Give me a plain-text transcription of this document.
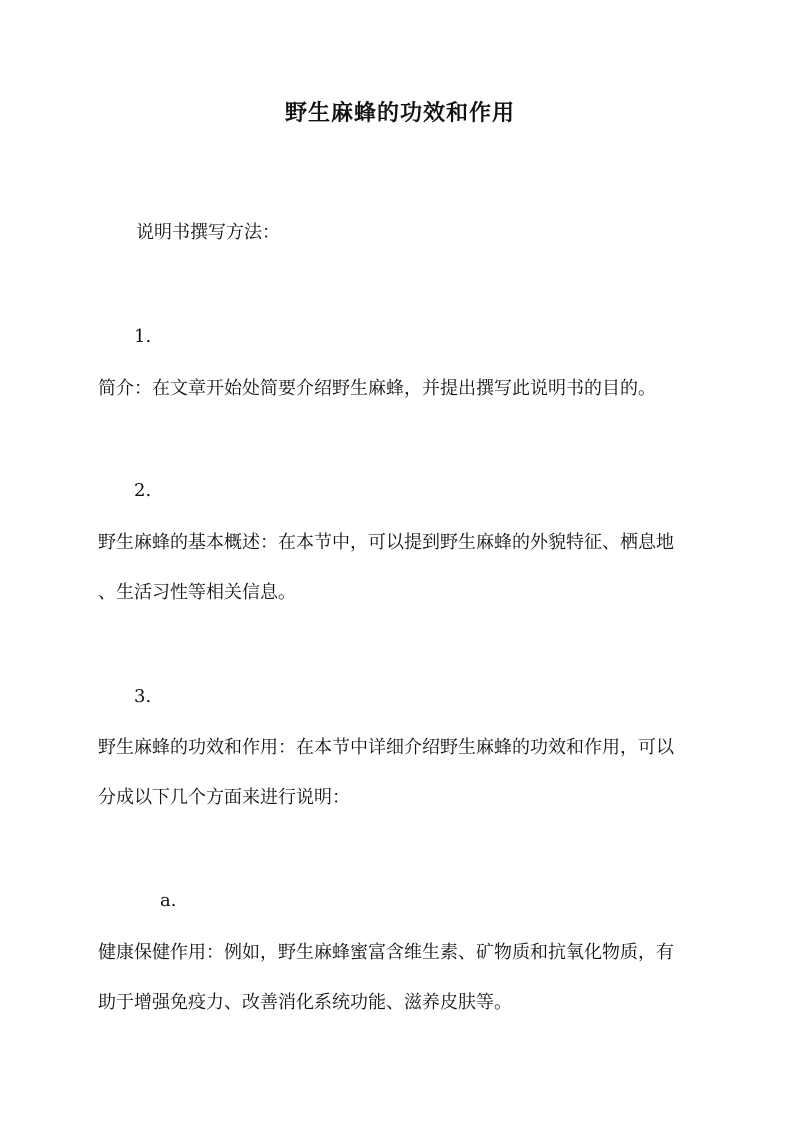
野生麻蜂的功效和作用
说明书撰写方法：
1.
简介：在文章开始处简要介绍野生麻蜂，并提出撰写此说明书的目的。
2.
野生麻蜂的基本概述：在本节中，可以提到野生麻蜂的外貌特征、栖息地
、生活习性等相关信息。
3.
野生麻蜂的功效和作用：在本节中详细介绍野生麻蜂的功效和作用，可以
分成以下几个方面来进行说明：
a.
健康保健作用：例如，野生麻蜂蜜富含维生素、矿物质和抗氧化物质，有
助于增强免疫力、改善消化系统功能、滋养皮肤等。
